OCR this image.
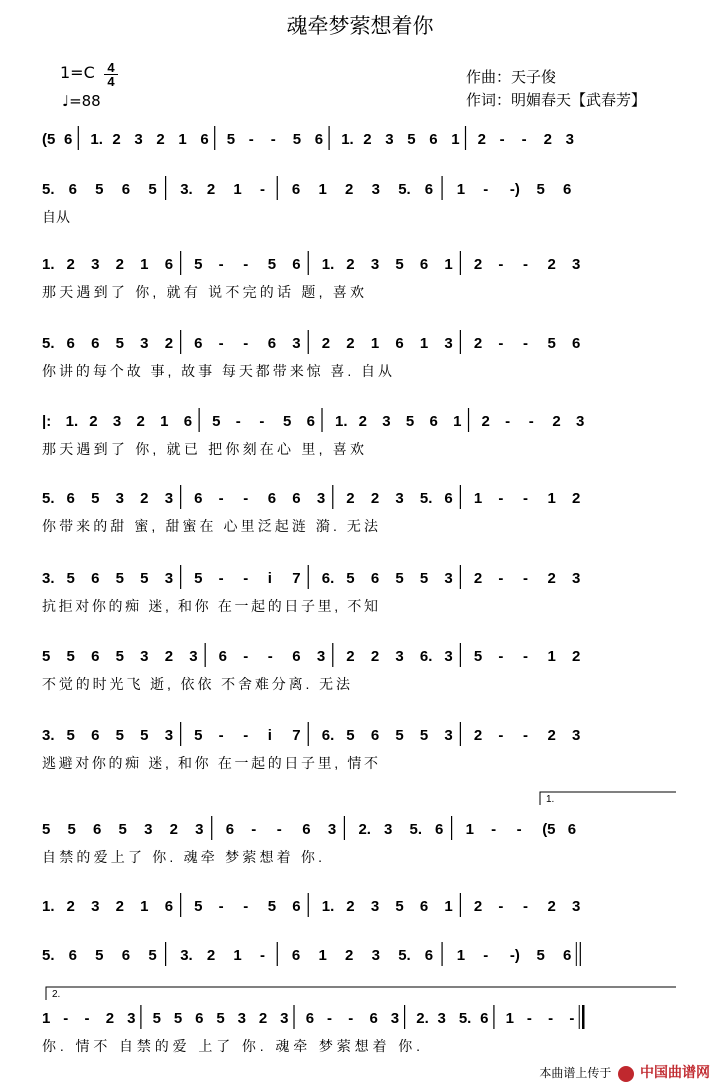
魂牵梦萦想着你
1=C 4
4
♩=88
作曲：天子俊
作词：明媚春天【武春芳】
(5 6 1. 2 3 2 1 6 5 - - 5 6 1. 2 3 5 6 1 2 - - 2 3
5. 6 5 6 5 3. 2 1 - 6 1 2 3 5. 6 1 - -) 5 6
自从
1. 2 3 2 1 6 5 - - 5 6 1. 2 3 5 6 1 2 - - 2 3
那天遇到了 你, 就有 说不完的话 题, 喜欢
5. 6 6 5 3 2 6 - - 6 3 2 2 1 6 1 3 2 - - 5 6
你讲的每个故 事, 故事 每天都带来惊 喜. 自从
|: 1. 2 3 2 1 6 5 - - 5 6 1. 2 3 5 6 1 2 - - 2 3
那天遇到了 你, 就已 把你刻在心 里, 喜欢
5. 6 5 3 2 3 6 - - 6 6 3 2 2 3 5. 6 1 - - 1 2
你带来的甜 蜜, 甜蜜在 心里泛起涟 漪. 无法
3. 5 6 5 5 3 5 - - i 7 6. 5 6 5 5 3 2 - - 2 3
抗拒对你的痴 迷, 和你 在一起的日子里, 不知
5 5 6 5 3 2 3 6 - - 6 3 2 2 3 6. 3 5 - - 1 2
不觉的时光飞 逝, 依依 不舍难分离. 无法
3. 5 6 5 5 3 5 - - i 7 6. 5 6 5 5 3 2 - - 2 3
逃避对你的痴 迷, 和你 在一起的日子里, 情不
5 5 6 5 3 2 3 6 - - 6 3 2. 3 5. 6 1 - - (5 6
自禁的爱上了 你. 魂牵 梦萦想着 你.
1. 2 3 2 1 6 5 - - 5 6 1. 2 3 5 6 1 2 - - 2 3
5. 6 5 6 5 3. 2 1 - 6 1 2 3 5. 6 1 - -) 5 6
1 - - 2 3 5 5 6 5 3 2 3 6 - - 6 3 2. 3 5. 6 1 - - -
你. 情不 自禁的爱 上了 你. 魂牵 梦萦想着 你.
1.
2.
本曲谱上传于 中国曲谱网
